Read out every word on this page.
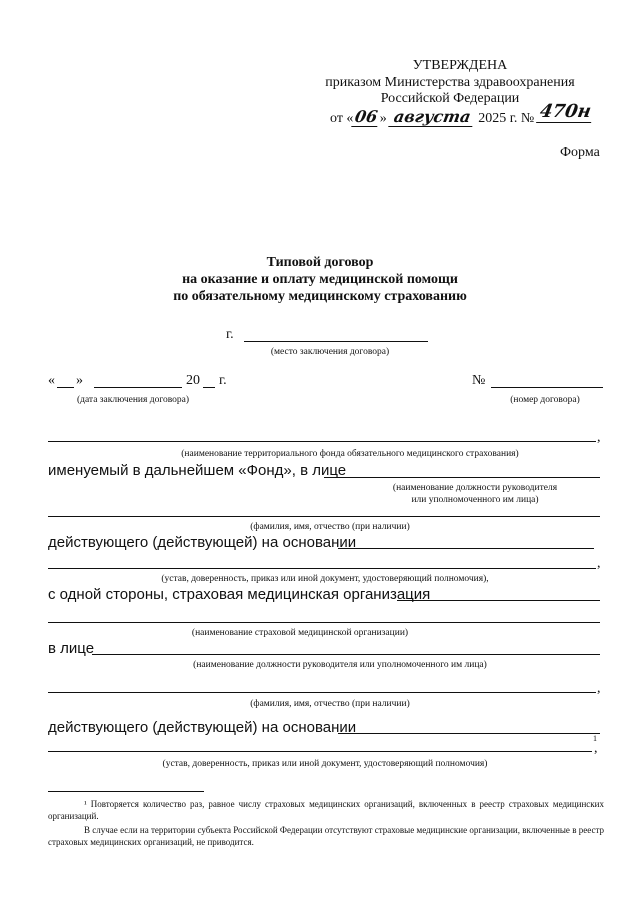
УТВЕРЖДЕНА
приказом Министерства здравоохранения
Российской Федерации
от «06» августа 2025 г. № 470н
Форма
Типовой договор
на оказание и оплату медицинской помощи
по обязательному медицинскому страхованию
г.
(место заключения договора)
« »	20 г.
(дата заключения договора)
№
(номер договора)
,
(наименование территориального фонда обязательного медицинского страхования)
именуемый в дальнейшем «Фонд», в лице
(наименование должности руководителя
или уполномоченного им лица)
(фамилия, имя, отчество (при наличии)
действующего (действующей) на основании
,
(устав, доверенность, приказ или иной документ, удостоверяющий полномочия),
с одной стороны, страховая медицинская организация
(наименование страховой медицинской организации)
в лице
(наименование должности руководителя или уполномоченного им лица)
,
(фамилия, имя, отчество (при наличии)
действующего (действующей) на основании
1
,
(устав, доверенность, приказ или иной документ, удостоверяющий полномочия)
¹ Повторяется количество раз, равное числу страховых медицинских организаций, включенных в реестр страховых медицинских организаций.
В случае если на территории субъекта Российской Федерации отсутствуют страховые медицинские организации, включенные в реестр страховых медицинских организаций, не приводится.
